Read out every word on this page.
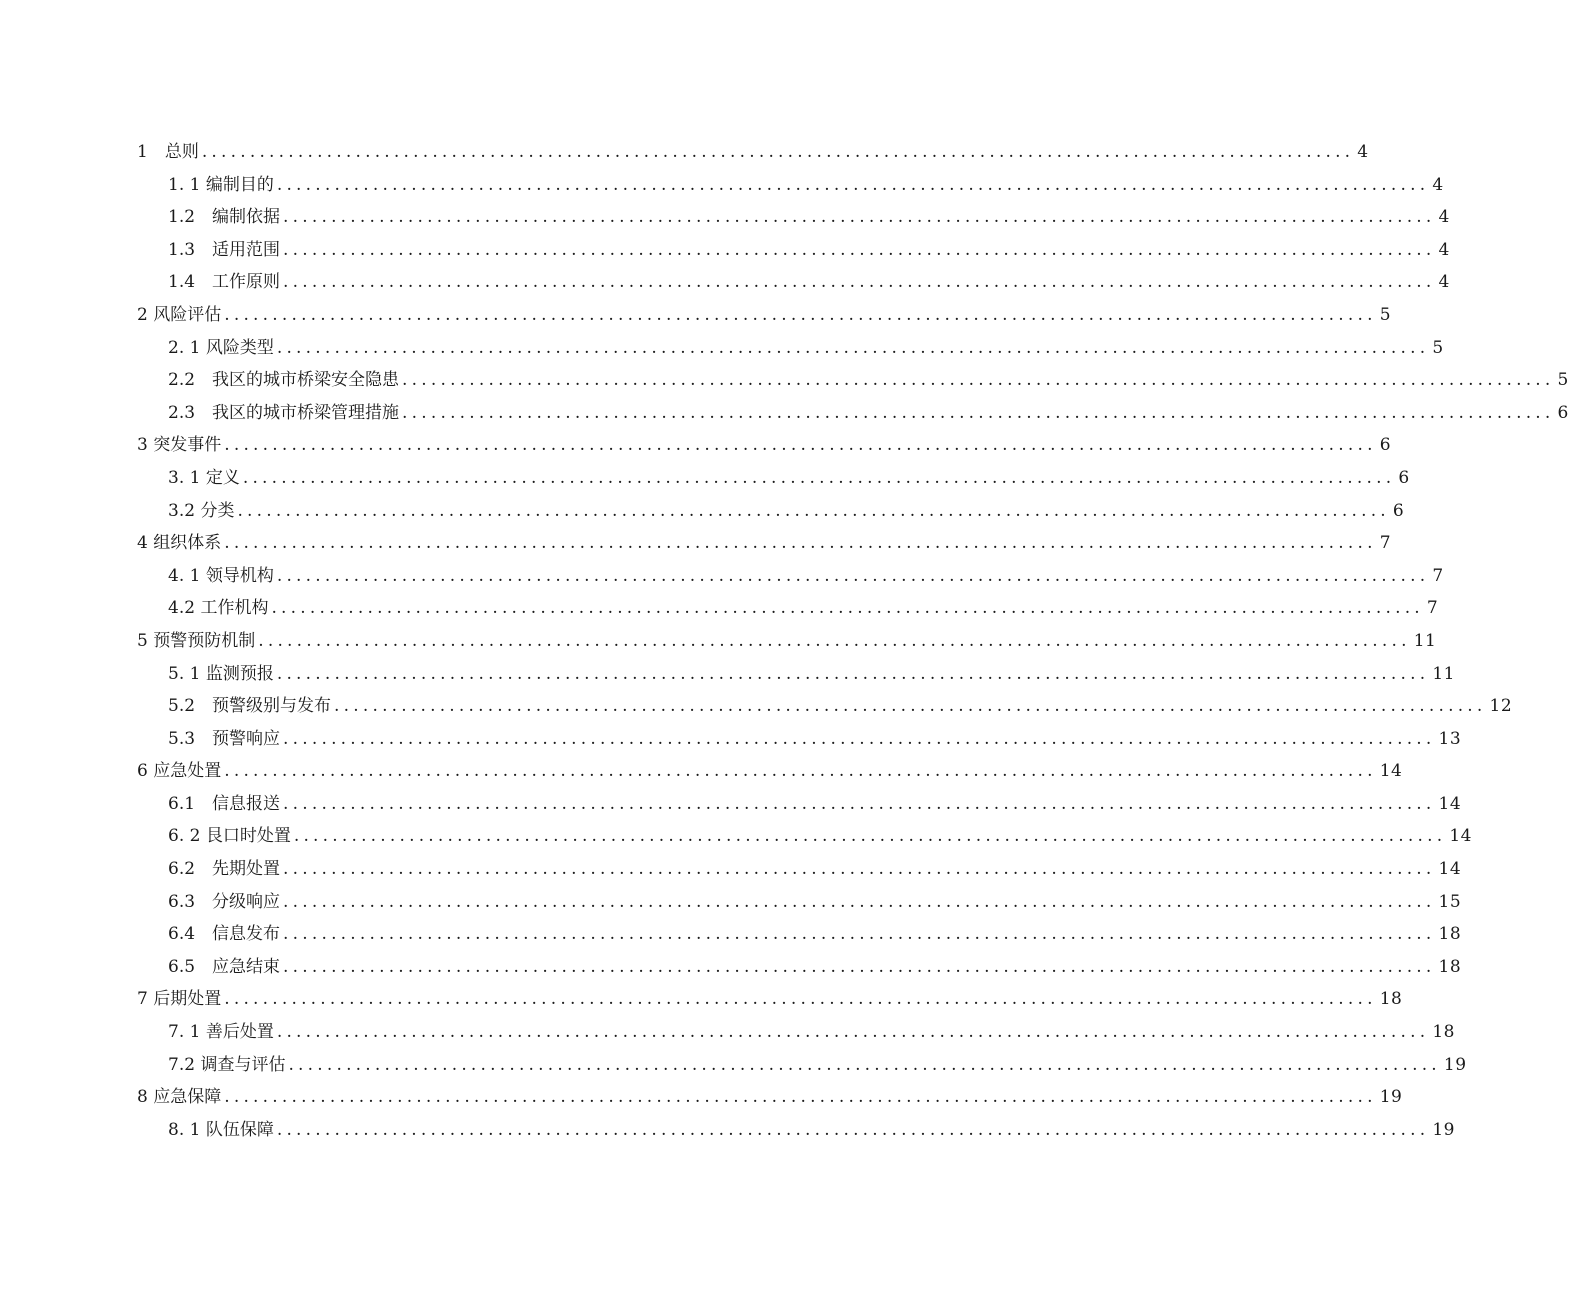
1　总则 ........................................................................................................................ 4
1. 1 编制目的 ........................................................................................................................ 4
1.2　编制依据 ........................................................................................................................ 4
1.3　适用范围 ........................................................................................................................ 4
1.4　工作原则 ........................................................................................................................ 4
2 风险评估 ........................................................................................................................ 5
2. 1 风险类型 ........................................................................................................................ 5
2.2　我区的城市桥梁安全隐患 ........................................................................................................................ 5
2.3　我区的城市桥梁管理措施 ........................................................................................................................ 6
3 突发事件 ........................................................................................................................ 6
3. 1 定义 ........................................................................................................................ 6
3.2 分类 ........................................................................................................................ 6
4 组织体系 ........................................................................................................................ 7
4. 1 领导机构 ........................................................................................................................ 7
4.2 工作机构 ........................................................................................................................ 7
5 预警预防机制 ........................................................................................................................ 11
5. 1 监测预报 ........................................................................................................................ 11
5.2　预警级别与发布 ........................................................................................................................ 12
5.3　预警响应 ........................................................................................................................ 13
6 应急处置 ........................................................................................................................ 14
6.1　信息报送 ........................................................................................................................ 14
6. 2 艮口时处置 ........................................................................................................................ 14
6.2　先期处置 ........................................................................................................................ 14
6.3　分级响应 ........................................................................................................................ 15
6.4　信息发布 ........................................................................................................................ 18
6.5　应急结束 ........................................................................................................................ 18
7 后期处置 ........................................................................................................................ 18
7. 1 善后处置 ........................................................................................................................ 18
7.2 调查与评估 ........................................................................................................................ 19
8 应急保障 ........................................................................................................................ 19
8. 1 队伍保障 ........................................................................................................................ 19
